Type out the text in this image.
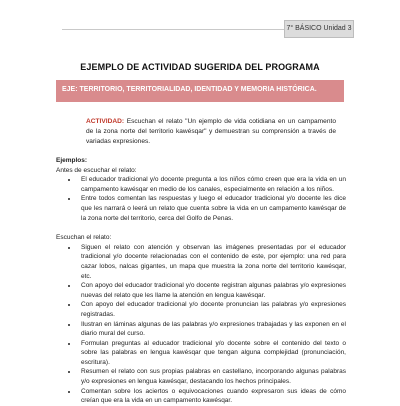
7° BÁSICO Unidad 3
EJEMPLO DE ACTIVIDAD SUGERIDA DEL PROGRAMA
EJE: TERRITORIO, TERRITORIALIDAD, IDENTIDAD Y MEMORIA HISTÓRICA.
ACTIVIDAD: Escuchan el relato "Un ejemplo de vida cotidiana en un campamento de la zona norte del territorio kawésqar" y demuestran su comprensión a través de variadas expresiones.
Ejemplos:
Antes de escuchar el relato:
• El educador tradicional y/o docente pregunta a los niños cómo creen que era la vida en un campamento kawésqar en medio de los canales, especialmente en relación a los niños.
• Entre todos comentan las respuestas y luego el educador tradicional y/o docente les dice que les narrará o leerá un relato que cuenta sobre la vida en un campamento kawésqar de la zona norte del territorio, cerca del Golfo de Penas.
Escuchan el relato:
• Siguen el relato con atención y observan las imágenes presentadas por el educador tradicional y/o docente relacionadas con el contenido de este, por ejemplo: una red para cazar lobos, nalcas gigantes, un mapa que muestra la zona norte del territorio kawésqar, etc.
• Con apoyo del educador tradicional y/o docente registran algunas palabras y/o expresiones nuevas del relato que les llame la atención en lengua kawésqar.
• Con apoyo del educador tradicional y/o docente pronuncian las palabras y/o expresiones registradas.
• Ilustran en láminas algunas de las palabras y/o expresiones trabajadas y las exponen en el diario mural del curso.
• Formulan preguntas al educador tradicional y/o docente sobre el contenido del texto o sobre las palabras en lengua kawésqar que tengan alguna complejidad (pronunciación, escritura).
• Resumen el relato con sus propias palabras en castellano, incorporando algunas palabras y/o expresiones en lengua kawésqar, destacando los hechos principales.
• Comentan sobre los aciertos o equivocaciones cuando expresaron sus ideas de cómo creían que era la vida en un campamento kawésqar.
